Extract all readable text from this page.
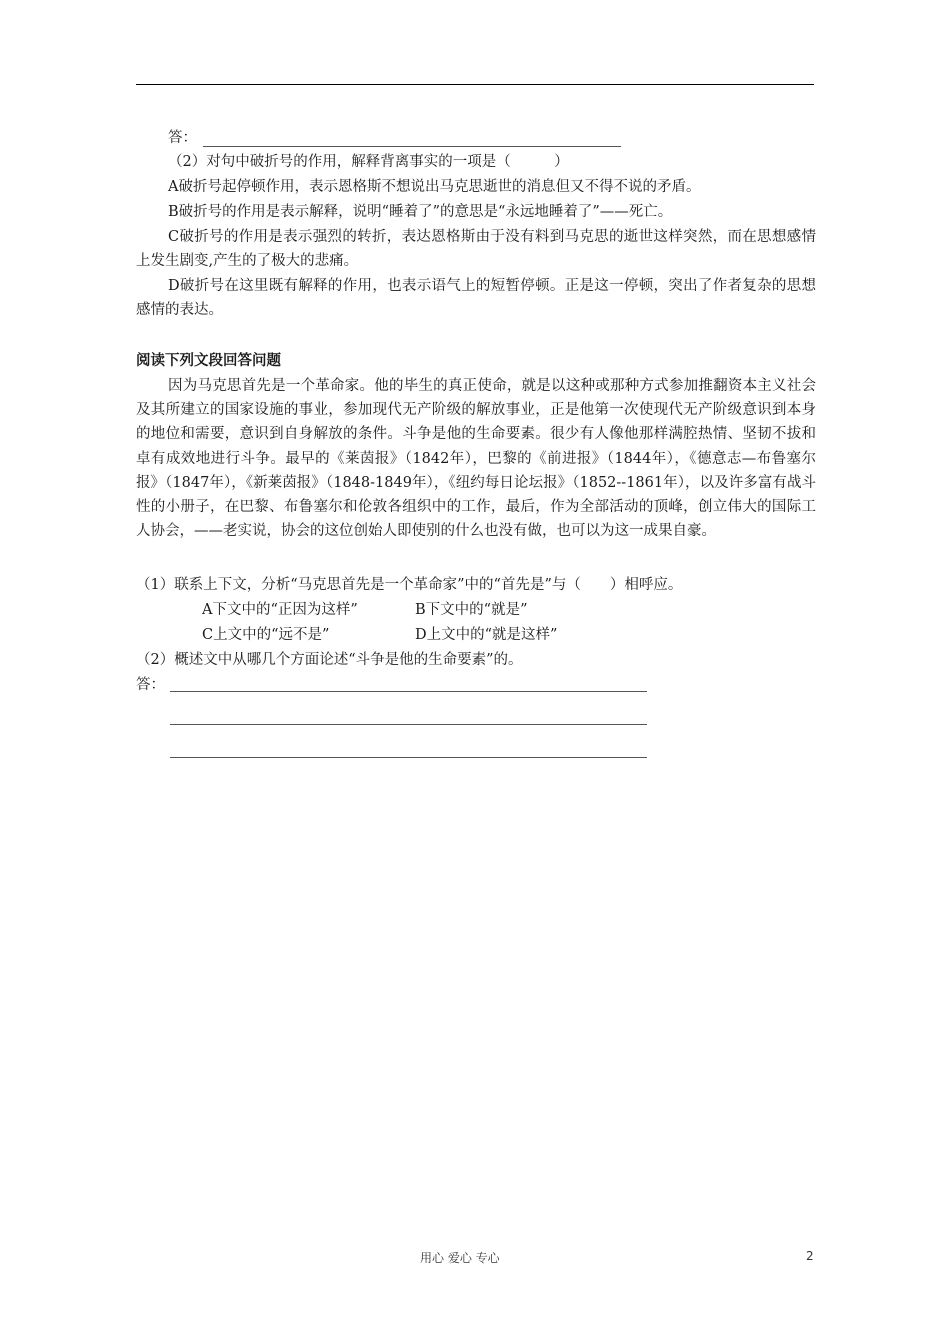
答：
（2）对句中破折号的作用，解释背离事实的一项是（　　　）
A破折号起停顿作用，表示恩格斯不想说出马克思逝世的消息但又不得不说的矛盾。
B破折号的作用是表示解释，说明“睡着了”的意思是“永远地睡着了”——死亡。
C破折号的作用是表示强烈的转折，表达恩格斯由于没有料到马克思的逝世这样突然，而在思想感情上发生剧变,产生的了极大的悲痛。
D破折号在这里既有解释的作用，也表示语气上的短暂停顿。正是这一停顿，突出了作者复杂的思想感情的表达。
阅读下列文段回答问题
因为马克思首先是一个革命家。他的毕生的真正使命，就是以这种或那种方式参加推翻资本主义社会及其所建立的国家设施的事业，参加现代无产阶级的解放事业，正是他第一次使现代无产阶级意识到本身的地位和需要，意识到自身解放的条件。斗争是他的生命要素。很少有人像他那样满腔热情、坚韧不拔和卓有成效地进行斗争。最早的《莱茵报》（1842年），巴黎的《前进报》（1844年），《德意志—布鲁塞尔报》（1847年），《新莱茵报》（1848-1849年），《纽约每日论坛报》（1852--1861年），以及许多富有战斗性的小册子，在巴黎、布鲁塞尔和伦敦各组织中的工作，最后，作为全部活动的顶峰，创立伟大的国际工人协会，——老实说，协会的这位创始人即使别的什么也没有做，也可以为这一成果自豪。
（1）联系上下文，分析“马克思首先是一个革命家”中的“首先是”与（　　）相呼应。
A下文中的“正因为这样”	B下文中的“就是”
C上文中的“远不是”	D上文中的“就是这样”
（2）概述文中从哪几个方面论述“斗争是他的生命要素”的。
答：
用心 爱心 专心	2
